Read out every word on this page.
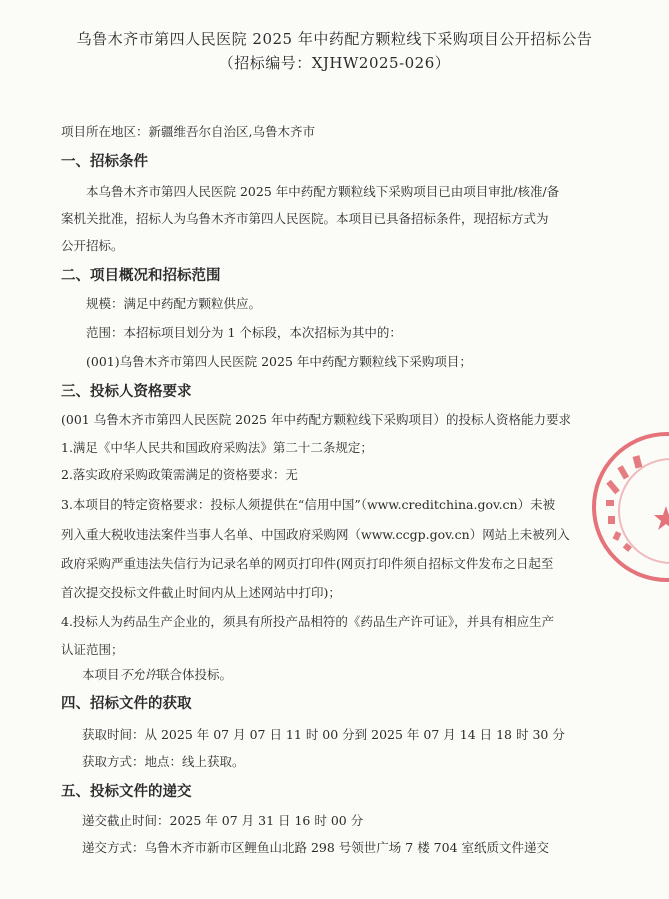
乌鲁木齐市第四人民医院 2025 年中药配方颗粒线下采购项目公开招标公告
（招标编号：XJHW2025-026）
项目所在地区：新疆维吾尔自治区,乌鲁木齐市
一、招标条件
本乌鲁木齐市第四人民医院 2025 年中药配方颗粒线下采购项目已由项目审批/核准/备
案机关批准，招标人为乌鲁木齐市第四人民医院。本项目已具备招标条件，现招标方式为
公开招标。
二、项目概况和招标范围
规模：满足中药配方颗粒供应。
范围：本招标项目划分为 1 个标段，本次招标为其中的：
(001)乌鲁木齐市第四人民医院 2025 年中药配方颗粒线下采购项目；
三、投标人资格要求
(001 乌鲁木齐市第四人民医院 2025 年中药配方颗粒线下采购项目）的投标人资格能力要求
1.满足《中华人民共和国政府采购法》第二十二条规定；
2.落实政府采购政策需满足的资格要求：无
3.本项目的特定资格要求：投标人须提供在“信用中国”（www.creditchina.gov.cn）未被
列入重大税收违法案件当事人名单、中国政府采购网（www.ccgp.gov.cn）网站上未被列入
政府采购严重违法失信行为记录名单的网页打印件(网页打印件须自招标文件发布之日起至
首次提交投标文件截止时间内从上述网站中打印)；
4.投标人为药品生产企业的，须具有所投产品相符的《药品生产许可证》，并具有相应生产
认证范围；
本项目不允许联合体投标。
四、招标文件的获取
获取时间：从 2025 年 07 月 07 日 11 时 00 分到 2025 年 07 月 14 日 18 时 30 分
获取方式：地点：线上获取。
五、投标文件的递交
递交截止时间：2025 年 07 月 31 日 16 时 00 分
递交方式：乌鲁木齐市新市区鲤鱼山北路 298 号领世广场 7 楼 704 室纸质文件递交
